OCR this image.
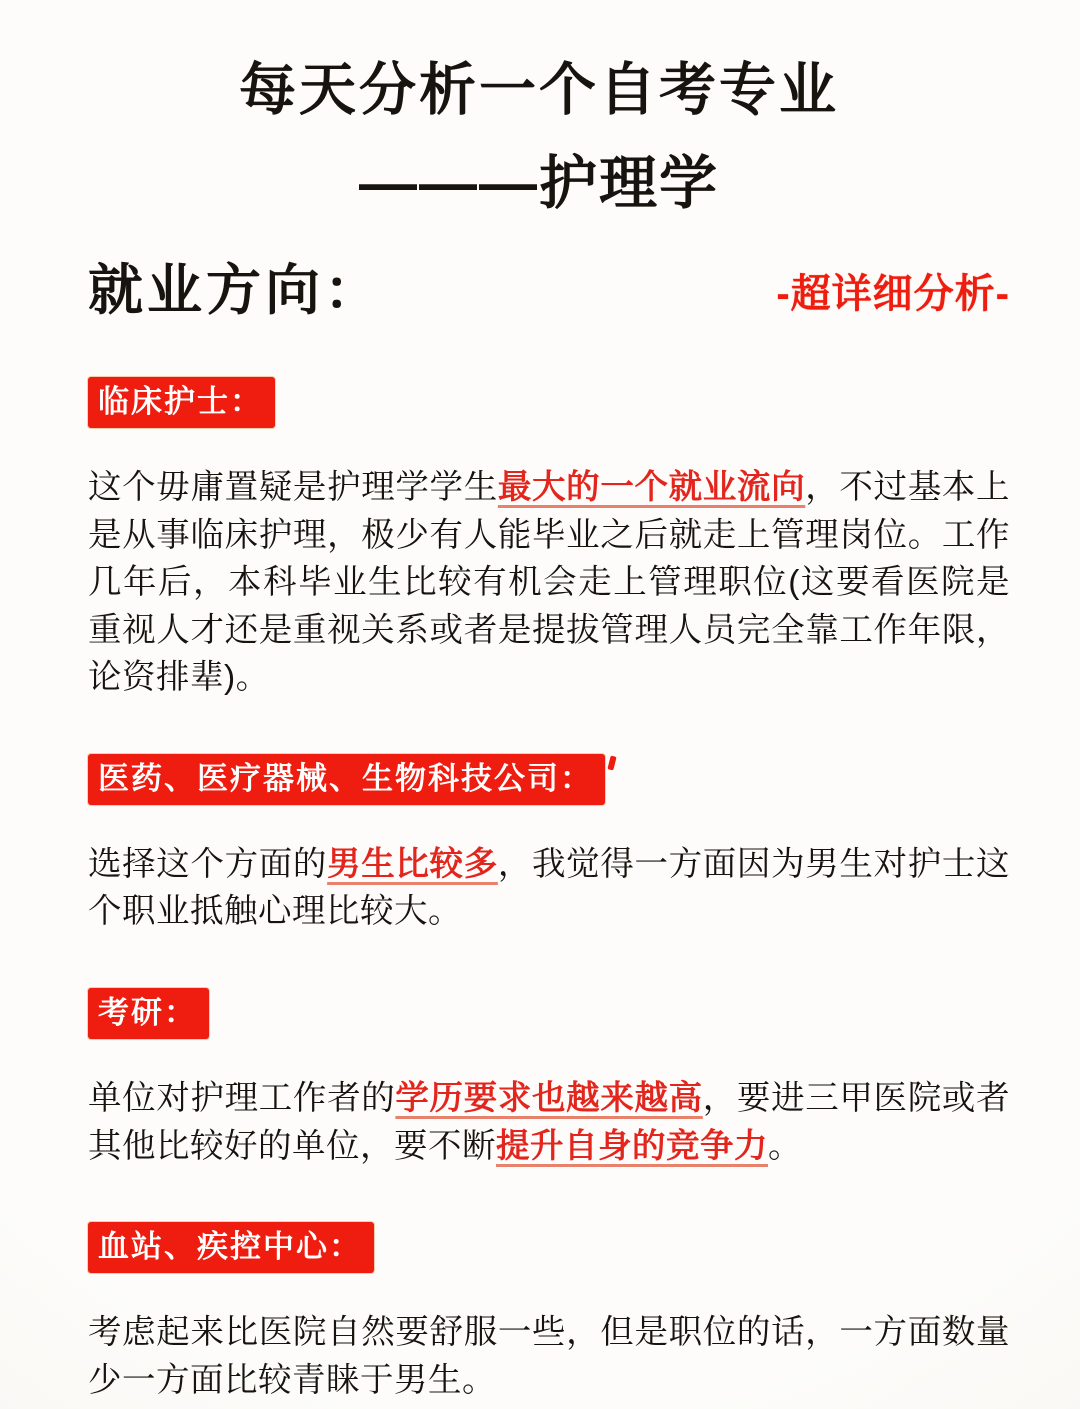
每天分析一个自考专业
———护理学
就业方向：	-超详细分析-
临床护士：

这个毋庸置疑是护理学学生最大的一个就业流向，不过基本上是从事临床护理，极少有人能毕业之后就走上管理岗位。工作几年后，本科毕业生比较有机会走上管理职位(这要看医院是重视人才还是重视关系或者是提拔管理人员完全靠工作年限，论资排辈)。

医药、医疗器械、生物科技公司：

选择这个方面的男生比较多，我觉得一方面因为男生对护士这个职业抵触心理比较大。

考研：

单位对护理工作者的学历要求也越来越高，要进三甲医院或者其他比较好的单位，要不断提升自身的竞争力。

血站、疾控中心：

考虑起来比医院自然要舒服一些，但是职位的话，一方面数量少一方面比较青睐于男生。
